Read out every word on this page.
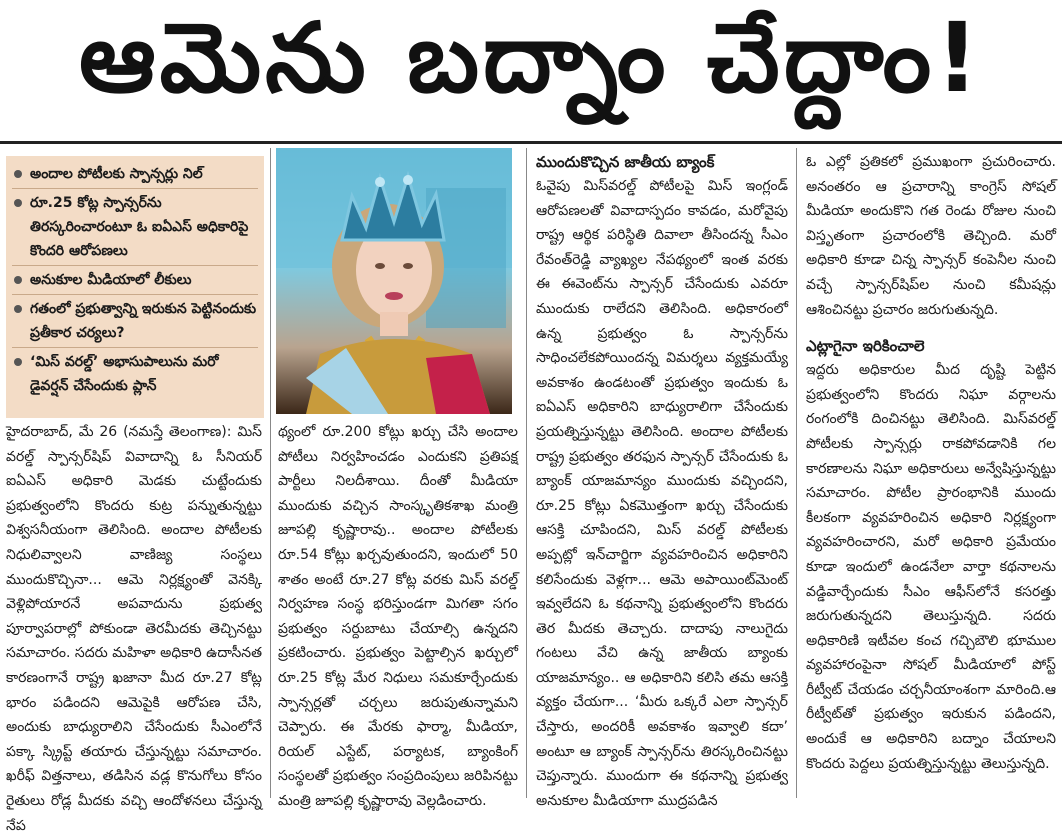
ఆమెను బద్నాం చేద్దాం!
అందాల పోటీలకు స్పాన్సర్లు నిల్
రూ.25 కోట్ల స్పాన్సర్‌ను తిరస్కరించారంటూ ఓ ఐఏఎస్ అధికారిపై కొందరి ఆరోపణలు
అనుకూల మీడియాలో లీకులు
గతంలో ప్రభుత్వాన్ని ఇరుకున పెట్టినందుకు ప్రతీకార చర్యలు?
‘మిస్ వరల్డ్’ అభాసుపాలును మరో డైవర్షన్ చేసేందుకు ప్లాన్

హైదరాబాద్, మే 26 (నమస్తే తెలంగాణ): మిస్ వరల్డ్ స్పాన్సర్‌షిప్ వివాదాన్ని ఓ సీనియర్ ఐఏఎస్ అధికారి మెడకు చుట్టేందుకు ప్రభుత్వంలోని కొందరు కుట్ర పన్నుతున్నట్టు విశ్వసనీయంగా తెలిసింది. అందాల పోటీలకు నిధులివ్వాలని వాణిజ్య సంస్థలు ముందుకొచ్చినా... ఆమె నిర్లక్ష్యంతో వెనక్కి వెళ్లిపోయారనే అపవాదును ప్రభుత్వ పూర్వాపరాల్లో పోకుండా తెరమీదకు తెచ్చినట్టు సమాచారం. సదరు మహిళా అధికారి ఉదాసీనత కారణంగానే రాష్ట్ర ఖజానా మీద రూ.27 కోట్ల భారం పడిందని ఆమెపైకి ఆరోపణ చేసి, అందుకు బాధ్యురాలిని చేసేందుకు సీఎంలోనే పక్కా స్క్రిప్ట్ తయారు చేస్తున్నట్టు సమాచారం. ఖరీఫ్ విత్తనాలు, తడిసిన వడ్ల కొనుగోలు కోసం రైతులు రోడ్ల మీదకు వచ్చి ఆందోళనలు చేస్తున్న నేప

థ్యంలో రూ.200 కోట్లు ఖర్చు చేసి అందాల పోటీలు నిర్వహించడం ఎందుకని ప్రతిపక్ష పార్టీలు నిలదీశాయి. దీంతో మీడియా ముందుకు వచ్చిన సాంస్కృతికశాఖ మంత్రి జూపల్లి కృష్ణారావు.. అందాల పోటీలకు రూ.54 కోట్లు ఖర్చవుతుందని, ఇందులో 50 శాతం అంటే రూ.27 కోట్ల వరకు మిస్ వరల్డ్ నిర్వహణ సంస్థ భరిస్తుండగా మిగతా సగం ప్రభుత్వం సర్దుబాటు చేయాల్సి ఉన్నదని ప్రకటించారు. ప్రభుత్వం పెట్టాల్సిన ఖర్చులో రూ.25 కోట్ల మేర నిధులు సమకూర్చేందుకు స్పాన్సర్లతో చర్చలు జరుపుతున్నామని చెప్పారు. ఈ మేరకు ఫార్మా, మీడియా, రియల్ ఎస్టేట్, పర్యాటక, బ్యాంకింగ్ సంస్థలతో ప్రభుత్వం సంప్రదింపులు జరిపినట్టు మంత్రి జూపల్లి కృష్ణారావు వెల్లడించారు.

ముందుకొచ్చిన జాతీయ బ్యాంక్

ఓవైపు మిస్‌వరల్డ్ పోటీలపై మిస్ ఇంగ్లండ్ ఆరోపణలతో వివాదాస్పదం కావడం, మరోవైపు రాష్ట్ర ఆర్థిక పరిస్థితి దివాలా తీసిందన్న సీఎం రేవంత్‌రెడ్డి వ్యాఖ్యల నేపథ్యంలో ఇంత వరకు ఈ ఈవెంట్‌ను స్పాన్సర్ చేసేందుకు ఎవరూ ముందుకు రాలేదని తెలిసింది. అధికారంలో ఉన్న ప్రభుత్వం ఓ స్పాన్సర్‌ను సాధించలేకపోయిందన్న విమర్శలు వ్యక్తమయ్యే అవకాశం ఉండటంతో ప్రభుత్వం ఇందుకు ఓ ఐఏఎస్ అధికారిని బాధ్యురాలిగా చేసేందుకు ప్రయత్నిస్తున్నట్టు తెలిసింది. అందాల పోటీలకు రాష్ట్ర ప్రభుత్వం తరఫున స్పాన్సర్ చేసేందుకు ఓ బ్యాంక్ యాజమాన్యం ముందుకు వచ్చిందని, రూ.25 కోట్లు ఏకమొత్తంగా ఖర్చు చేసేందుకు ఆసక్తి చూపిందని, మిస్ వరల్డ్ పోటీలకు అప్పట్లో ఇన్‌చార్జిగా వ్యవహరించిన అధికారిని కలిసేందుకు వెళ్లగా... ఆమె అపాయింట్‌మెంట్ ఇవ్వలేదని ఓ కథనాన్ని ప్రభుత్వంలోని కొందరు తెర మీదకు తెచ్చారు. దాదాపు నాలుగైదు గంటలు వేచి ఉన్న జాతీయ బ్యాంకు యాజమాన్యం.. ఆ అధికారిని కలిసి తమ ఆసక్తి వ్యక్తం చేయగా... ‘మీరు ఒక్కరే ఎలా స్పాన్సర్ చేస్తారు, అందరికీ అవకాశం ఇవ్వాలి కదా’ అంటూ ఆ బ్యాంక్ స్పాన్సర్‌ను తిరస్కరించినట్టు చెప్తున్నారు. ముందుగా ఈ కథనాన్ని ప్రభుత్వ అనుకూల మీడియాగా ముద్రపడిన

ఓ ఎల్లో ప్రతికలో ప్రముఖంగా ప్రచురించారు. అనంతరం ఆ ప్రచారాన్ని కాంగ్రెస్ సోషల్ మీడియా అందుకొని గత రెండు రోజుల నుంచి విస్తృతంగా ప్రచారంలోకి తెచ్చింది. మరో అధికారి కూడా చిన్న స్పాన్సర్ కంపెనీల నుంచి వచ్చే స్పాన్సర్‌షిప్‌ల నుంచి కమీషన్లు ఆశించినట్టు ప్రచారం జరుగుతున్నది.

ఎట్లాగైనా ఇరికించాలె

ఇద్దరు అధికారుల మీద దృష్టి పెట్టిన ప్రభుత్వంలోని కొందరు నిఘా వర్గాలను రంగంలోకి దించినట్టు తెలిసింది. మిస్‌వరల్డ్ పోటీలకు స్పాన్సర్లు రాకపోవడానికి గల కారణాలను నిఘా అధికారులు అన్వేషిస్తున్నట్టు సమాచారం. పోటీల ప్రారంభానికి ముందు కీలకంగా వ్యవహరించిన అధికారి నిర్లక్ష్యంగా వ్యవహరించారని, మరో అధికారి ప్రమేయం కూడా ఇందులో ఉండనేలా వార్తా కథనాలను వడ్డివార్చేందుకు సీఎం ఆఫీస్‌లోనే కసరత్తు జరుగుతున్నదని తెలుస్తున్నది. సదరు అధికారిణి ఇటీవల కంచ గచ్చిబౌలి భూముల వ్యవహారంపైనా సోషల్ మీడియాలో పోస్ట్ రీట్వీట్ చేయడం చర్చనీయాంశంగా మారింది.ఆ రీట్వీట్‌తో ప్రభుత్వం ఇరుకున పడిందని, అందుకే ఆ అధికారిని బద్నాం చేయాలని కొందరు పెద్దలు ప్రయత్నిస్తున్నట్టు తెలుస్తున్నది.
